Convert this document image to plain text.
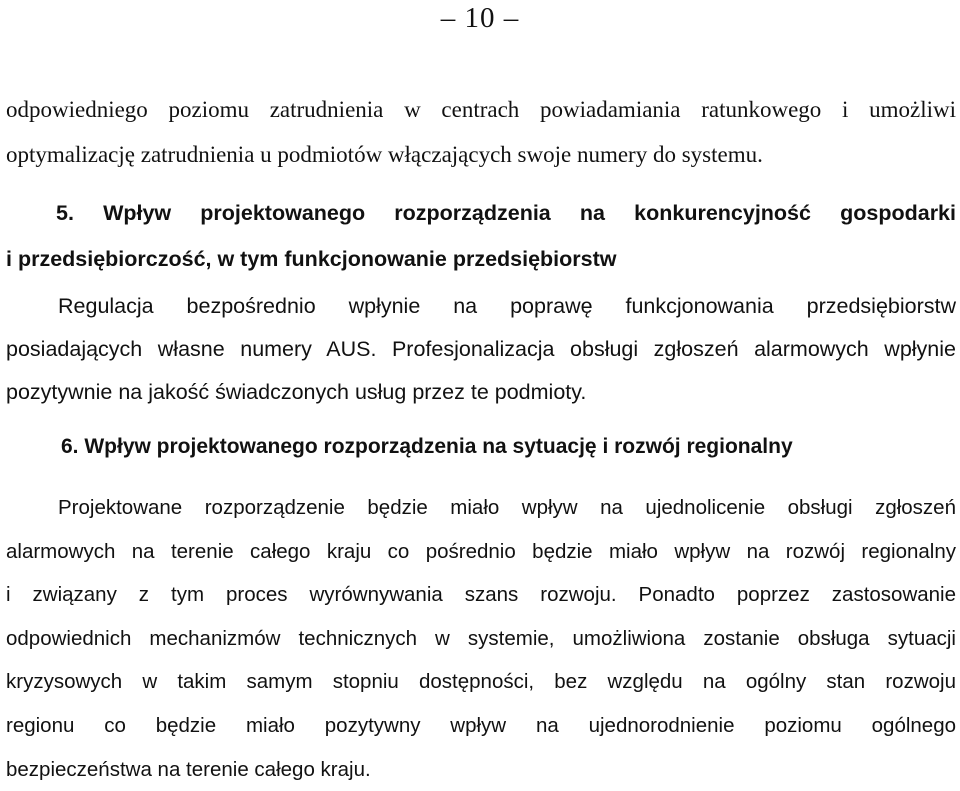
– 10 –
odpowiedniego poziomu zatrudnienia w centrach powiadamiania ratunkowego i umożliwi
optymalizację zatrudnienia u podmiotów włączających swoje numery do systemu.
5. Wpływ projektowanego rozporządzenia na konkurencyjność gospodarki
i przedsiębiorczość, w tym funkcjonowanie przedsiębiorstw
Regulacja bezpośrednio wpłynie na poprawę funkcjonowania przedsiębiorstw
posiadających własne numery AUS. Profesjonalizacja obsługi zgłoszeń alarmowych wpłynie
pozytywnie na jakość świadczonych usług przez te podmioty.
6. Wpływ projektowanego rozporządzenia na sytuację i rozwój regionalny
Projektowane rozporządzenie będzie miało wpływ na ujednolicenie obsługi zgłoszeń
alarmowych na terenie całego kraju co pośrednio będzie miało wpływ na rozwój regionalny
i związany z tym proces wyrównywania szans rozwoju. Ponadto poprzez zastosowanie
odpowiednich mechanizmów technicznych w systemie, umożliwiona zostanie obsługa sytuacji
kryzysowych w takim samym stopniu dostępności, bez względu na ogólny stan rozwoju
regionu co będzie miało pozytywny wpływ na ujednorodnienie poziomu ogólnego
bezpieczeństwa na terenie całego kraju.
